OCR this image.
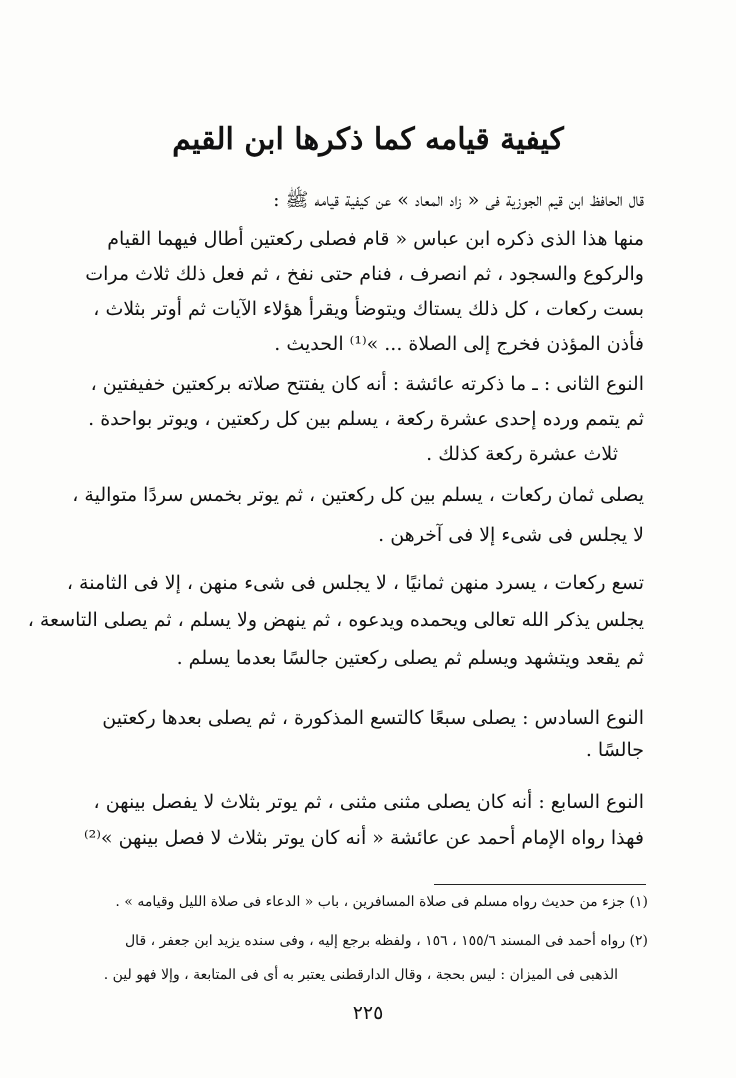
كيفية قيامه كما ذكرها ابن القيم
قال الحافظ ابن قيم الجوزية فى « زاد المعاد » عن كيفية قيامه ﷺ :
منها هذا الذى ذكره ابن عباس « قام فصلى ركعتين أطال فيهما القيام
والركوع والسجود ، ثم انصرف ، فنام حتى نفخ ، ثم فعل ذلك ثلاث مرات
بست ركعات ، كل ذلك يستاك ويتوضأ ويقرأ هؤلاء الآيات ثم أوتر بثلاث ،
فأذن المؤذن فخرج إلى الصلاة ... »⁽¹⁾ الحديث .
النوع الثانى : ـ ما ذكرته عائشة : أنه كان يفتتح صلاته بركعتين خفيفتين ،
ثم يتمم ورده إحدى عشرة ركعة ، يسلم بين كل ركعتين ، ويوتر بواحدة .
ثلاث عشرة ركعة كذلك .
يصلى ثمان ركعات ، يسلم بين كل ركعتين ، ثم يوتر بخمس سردًا متوالية ،
لا يجلس فى شىء إلا فى آخرهن .
تسع ركعات ، يسرد منهن ثمانيًا ، لا يجلس فى شىء منهن ، إلا فى الثامنة ،
يجلس يذكر الله تعالى ويحمده ويدعوه ، ثم ينهض ولا يسلم ، ثم يصلى التاسعة ،
ثم يقعد ويتشهد ويسلم ثم يصلى ركعتين جالسًا بعدما يسلم .
النوع السادس : يصلى سبعًا كالتسع المذكورة ، ثم يصلى بعدها ركعتين
جالسًا .
النوع السابع : أنه كان يصلى مثنى مثنى ، ثم يوتر بثلاث لا يفصل بينهن ،
فهذا رواه الإمام أحمد عن عائشة « أنه كان يوتر بثلاث لا فصل بينهن »⁽²⁾
(١) جزء من حديث رواه مسلم فى صلاة المسافرين ، باب « الدعاء فى صلاة الليل وقيامه » .
(٢) رواه أحمد فى المسند ١٥٥/٦ ، ١٥٦ ، ولفظه برجع إليه ، وفى سنده يزيد ابن جعفر ، قال
الذهبى فى الميزان : ليس بحجة ، وقال الدارقطنى يعتبر به أى فى المتابعة ، وإلا فهو لين .
٢٢٥
